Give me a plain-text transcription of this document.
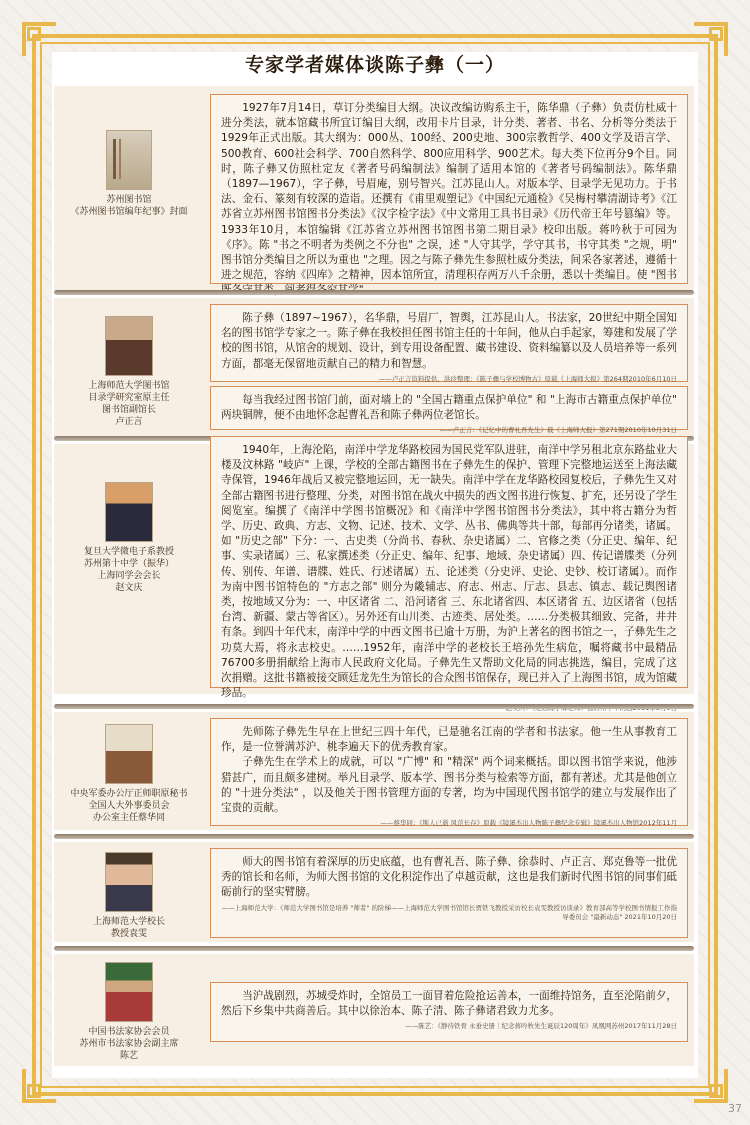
专家学者媒体谈陈子彝（一）
苏州图书馆
《苏州图书馆编年纪事》封面

1927年7月14日，草订分类编目大纲。决议改编访购系主干，陈华鼎（子彝）负责仿杜威十进分类法，就本馆藏书所宜订编目大纲，改用卡片目录，计分类、著者、书名、分析等分类法于1929年正式出版。其大纲为：000丛、100经、200史地、300宗教哲学、400文学及语言学、500教育、600社会科学、700自然科学、800应用科学、900艺术。每大类下位再分9个目。同时，陈子彝又仿照杜定友《著者号码编制法》编制了适用本馆的《著者号码编制法》。陈华鼎（1897—1967），字子彝，号眉庵，别号智兴。江苏昆山人。对版本学、目录学无见功力。于书法、金石、篆刻有较深的造诣。还撰有《甫里观塑记》《中国纪元通检》《吴梅村攀清湖诗考》《江苏省立苏州图书馆图书分类法》《汉字检字法》《中文常用工具书目录》《历代帝王年号篡编》等。1933年10月，本馆编辑《江苏省立苏州图书馆图书第二期目录》校印出版。蒋吟秋于可园为《序》。陈 "书之不明者为类例之不分也" 之误，述 "人守其学，学守其书，书守其类 "之规，明" 图书馆分类编目之所以为重也 "之理。因之与陈子彝先生参照杜威分类法，间采各家著述，遵循十进之规范，容纳《四库》之精神，因本馆所宜，清理积存两万八千余册，悉以十类编目。使 "图书

上海师范大学图书馆
目录学研究室原主任
图书馆副馆长
卢正言

陈子彝（1897~1967），名华鼎，号眉厂，智舆，江苏昆山人。书法家，20世纪中期全国知名的图书馆学专家之一。陈子彝在我校担任图书馆主任的十年间，他从白手起家，筹建和发展了学校的图书馆，从馆舍的规划、设计，到专用设备配置、藏书建设、资料编纂以及人员培养等一系列方面，都毫无保留地贡献自己的精力和智慧。

——卢正言资料提供、洪玲整理：《陈子彝与学校博物古》原载《上海师大报》第264期2010年6月10日

每当我经过图书馆门前，面对墙上的 "全国古籍重点保护单位" 和 "上海市古籍重点保护单位" 两块铜牌，便不由地怀念起曹礼吾和陈子彝两位老馆长。

——卢正言：《记忆中的曹礼吾先生》载《上海师大报》第271期2010年10月31日
复旦大学微电子系教授
苏州第十中学（振华）
上海同学会会长
赵文庆

1940年，上海沦陷，南洋中学龙华路校园为国民党军队进驻，南洋中学另租北京东路盐业大楼及汶林路 "岐庐" 上课，学校的全部古籍图书在子彝先生的保护、管理下完整地运送至上海法藏寺保管，1946年战后又被完整地运回，无一缺失。南洋中学在龙华路校园复校后，子彝先生又对全部古籍图书进行整理、分类，对图书馆在战火中损失的西文图书进行恢复、扩充，还另设了学生阅览室。编撰了《南洋中学图书馆概况》和《南洋中学图书馆图书分类法》，其中将古籍分为哲学、历史、政典、方志、文物、记述、技术、文学、丛书、佛典等共十部，每部再分诸类，诸属。如 "历史之部" 下分：一、古史类（分尚书、春秋、杂史诸属）二、官修之类（分正史、编年、纪事、实录诸属）三、私家撰述类（分正史、编年、纪事、地域、杂史诸属）四、传记谱牒类（分列传、别传、年谱、谱牒、姓氏、行述诸属）五、论述类（分史评、史论、史钞、校订诸属）。而作为南中图书馆特色的 "方志之部" 则分为畿辅志、府志、州志、厅志、县志、镇志、载记舆图诸类，按地域又分为：一、中区诸省 二、沿河诸省 三、东北诸省四、本区诸省 五、边区诸省（包括台湾、新疆、蒙古等省区）。另外还有山川类、古迹类、居处类。……分类极其细致、完备，井井有条。到四十年代末，南洋中学的中西文图书已逾十万册，为沪上著名的图书馆之一，子彝先生之功莫大焉，将永志校史。……1952年，南洋中学的老校长王培孙先生病危，嘱将藏书中最精品76700多册捐献给上海市人民政府文化局。子彝先生又帮助文化局的同志挑选，编目，完成了这次捐赠。这批书籍被接交顾廷龙先生为馆长的合众图书馆保存，现已并入了上海图书馆，成为馆藏珍品。

中央军委办公厅正师职原秘书
全国人大外事委员会
办公室主任蔡华同

先师陈子彝先生早在上世纪三四十年代，已是驰名江南的学者和书法家。他一生从事教育工作，是一位誉满苏沪、桃李遍天下的优秀教育家。

子彝先生在学术上的成就，可以 "广博" 和 "精深" 两个词来概括。即以图书馆学来说，他涉猎甚广，而且颇多建树。举凡目录学、版本学、图书分类与检索等方面，都有著述。尤其是他创立的 "十进分类法" ，以及他关于图书管理方面的专著，均为中国现代图书馆学的建立与发展作出了宝贵的贡献。

——蔡华同：《斯人已逝 风范长存》原载《镜溪杰出人物陈子彝纪念专辑》镜溪杰出人物馆2012年11月
上海师范大学校长
教授袁雯

师大的图书馆有着深厚的历史底蕴，也有曹礼吾、陈子彝、徐恭时、卢正言、郑克鲁等一批优秀的馆长和名师，为师大图书馆的文化积淀作出了卓越贡献，这也是我们新时代图书馆的同事们砥砺前行的坚实臂膀。

——上海师范大学：《师范大学图书馆是培养 "师者" 的阶梯——上海师范大学图书馆馆长贾铁飞教授采访校长袁雯教授访谈录》教育部高等学校图书情报工作指导委员会 "最新动态" 2021年10月20日
中国书法家协会会员
苏州市书法家协会副主席
陈艺

当沪战剧烈，苏城受炸时，全馆员工一面冒着危险抢运善本，一面维持馆务，直至沦陷前夕，然后下乡集中共商善后。其中以徐治本、陈子清、陈子彝诸君致力尤多。

——陈艺：《静待铁骨 永垂史册｜纪念蒋吟秋先生诞辰120周年》凤凰网苏州2017年11月28日
37
